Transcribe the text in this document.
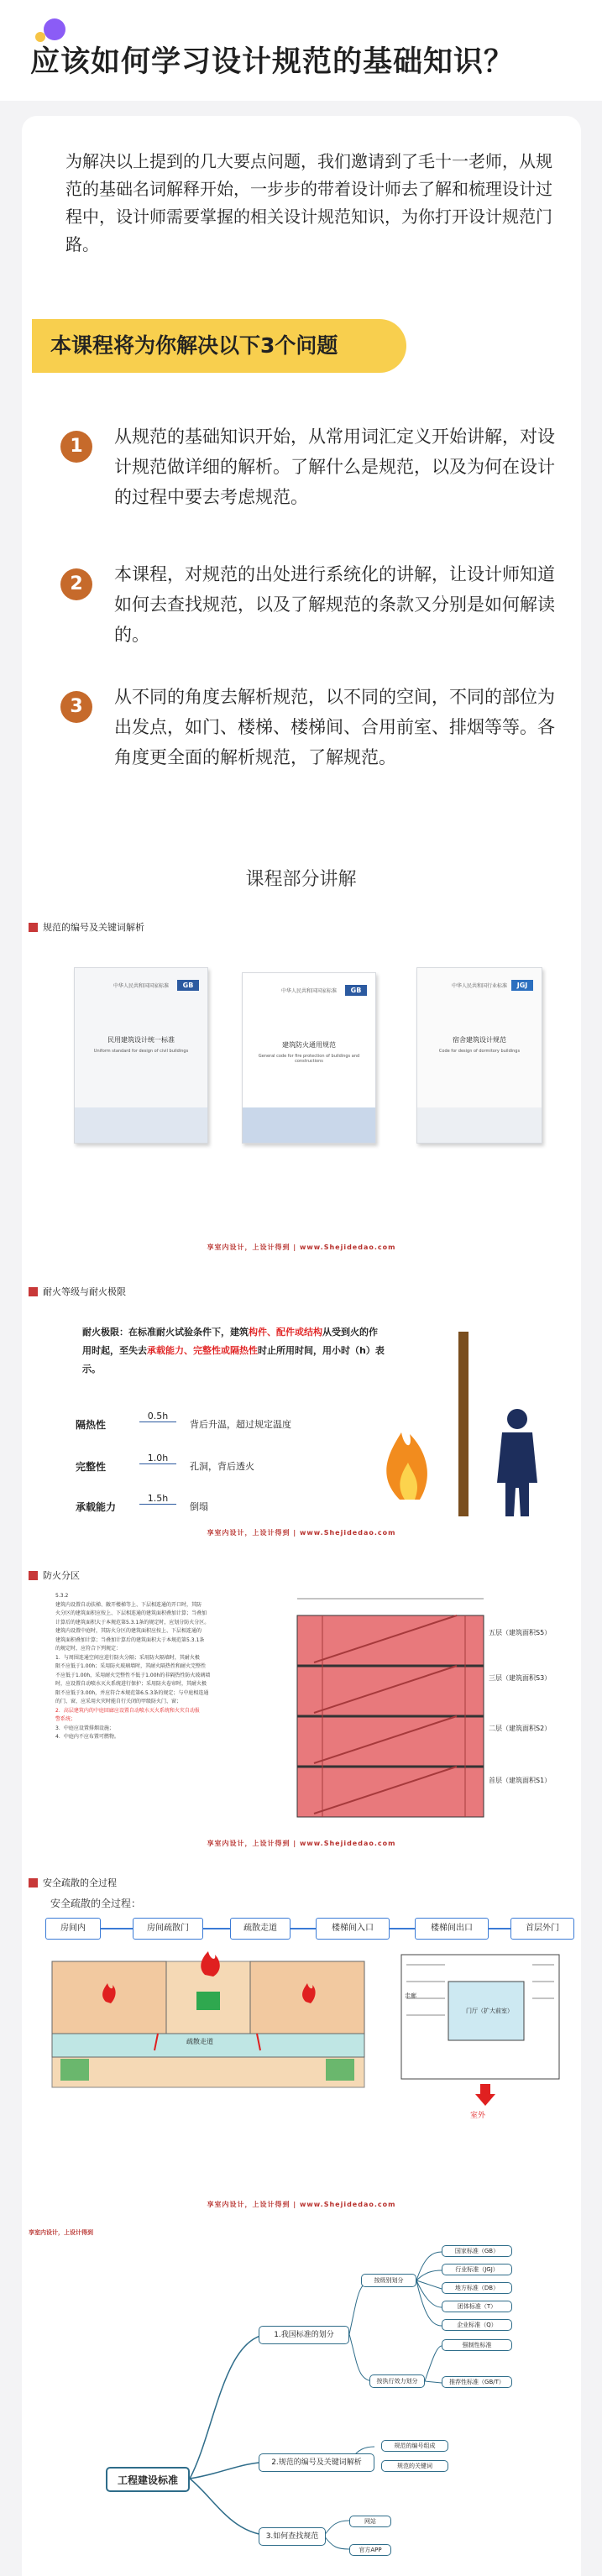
应该如何学习设计规范的基础知识？
为解决以上提到的几大要点问题，我们邀请到了毛十一老师，从规范的基础名词解释开始，一步步的带着设计师去了解和梳理设计过程中，设计师需要掌握的相关设计规范知识，为你打开设计规范门路。
本课程将为你解决以下3个问题
1	从规范的基础知识开始，从常用词汇定义开始讲解，对设计规范做详细的解析。了解什么是规范，以及为何在设计的过程中要去考虑规范。
2	本课程，对规范的出处进行系统化的讲解，让设计师知道如何去查找规范，以及了解规范的条款又分别是如何解读的。
3	从不同的角度去解析规范，以不同的空间，不同的部位为出发点，如门、楼梯、楼梯间、合用前室、排烟等等。各角度更全面的解析规范，了解规范。
课程部分讲解
规范的编号及关键词解析
中华人民共和国国家标准	GB
民用建筑设计统一标准
Uniform standard for design of civil buildings
中华人民共和国国家标准	GB
建筑防火通用规范
General code for fire protection of buildings and constructions
中华人民共和国行业标准	JGJ
宿舍建筑设计规范
Code for design of dormitory buildings
享室内设计，上设计得到 | www.Shejidedao.com
耐火等级与耐火极限
耐火极限：在标准耐火试验条件下，建筑构件、配件或结构从受到火的作用时起，至失去承载能力、完整性或隔热性时止所用时间，用小时（h）表示。
隔热性
0.5h
背后升温，超过规定温度
完整性
1.0h
孔洞，背后透火
承载能力
1.5h
倒塌
享室内设计，上设计得到 | www.Shejidedao.com
防火分区
5.3.2
建筑内设置自动扶梯、敞开楼梯等上、下层相连通的开口时，其防
火分区的建筑面积应按上、下层相连通的建筑面积叠加计算；当叠加
计算后的建筑面积大于本规范第5.3.1条的规定时，应划分防火分区。
建筑内设置中庭时，其防火分区的建筑面积应按上、下层相连通的
建筑面积叠加计算；当叠加计算后的建筑面积大于本规范第5.3.1条
的规定时，应符合下列规定：
1．与周围连通空间应进行防火分隔；采用防火隔墙时，其耐火极
限不应低于1.00h；采用防火玻璃墙时，其耐火隔热性和耐火完整性
不应低于1.00h，采用耐火完整性不低于1.00h的非隔热性防火玻璃墙
时，应设置自动喷水灭火系统进行保护；采用防火卷帘时，其耐火极
限不应低于3.00h，并应符合本规范第6.5.3条的规定；与中庭相连通
的门、窗，应采用火灾时能自行关闭的甲级防火门、窗；
2．高层建筑内的中庭回廊应设置自动喷水灭火系统和火灾自动报
警系统；
3．中庭应设置排烟设施；
4．中庭内不应布置可燃物。
五层（建筑面积S5）
三层（建筑面积S3）
二层（建筑面积S2）
首层（建筑面积S1）
享室内设计，上设计得到 | www.Shejidedao.com
安全疏散的全过程
安全疏散的全过程：
房间内	房间疏散门	疏散走道	楼梯间入口	楼梯间出口	首层外门
疏散走道
走廊
门厅（扩大前室）
室外
享室内设计，上设计得到 | www.Shejidedao.com
享室内设计，上设计得到
工程建设标准
1.我国标准的划分
按级别划分
国家标准（GB）
行业标准（JGJ）
地方标准（DB）
团体标准（T）
企业标准（Q）
按执行效力划分
强制性标准
推荐性标准（GB/T）
2.规范的编号及关键词解析
规范的编号组成
规范的关键词
3.如何查找规范
网站
官方APP
